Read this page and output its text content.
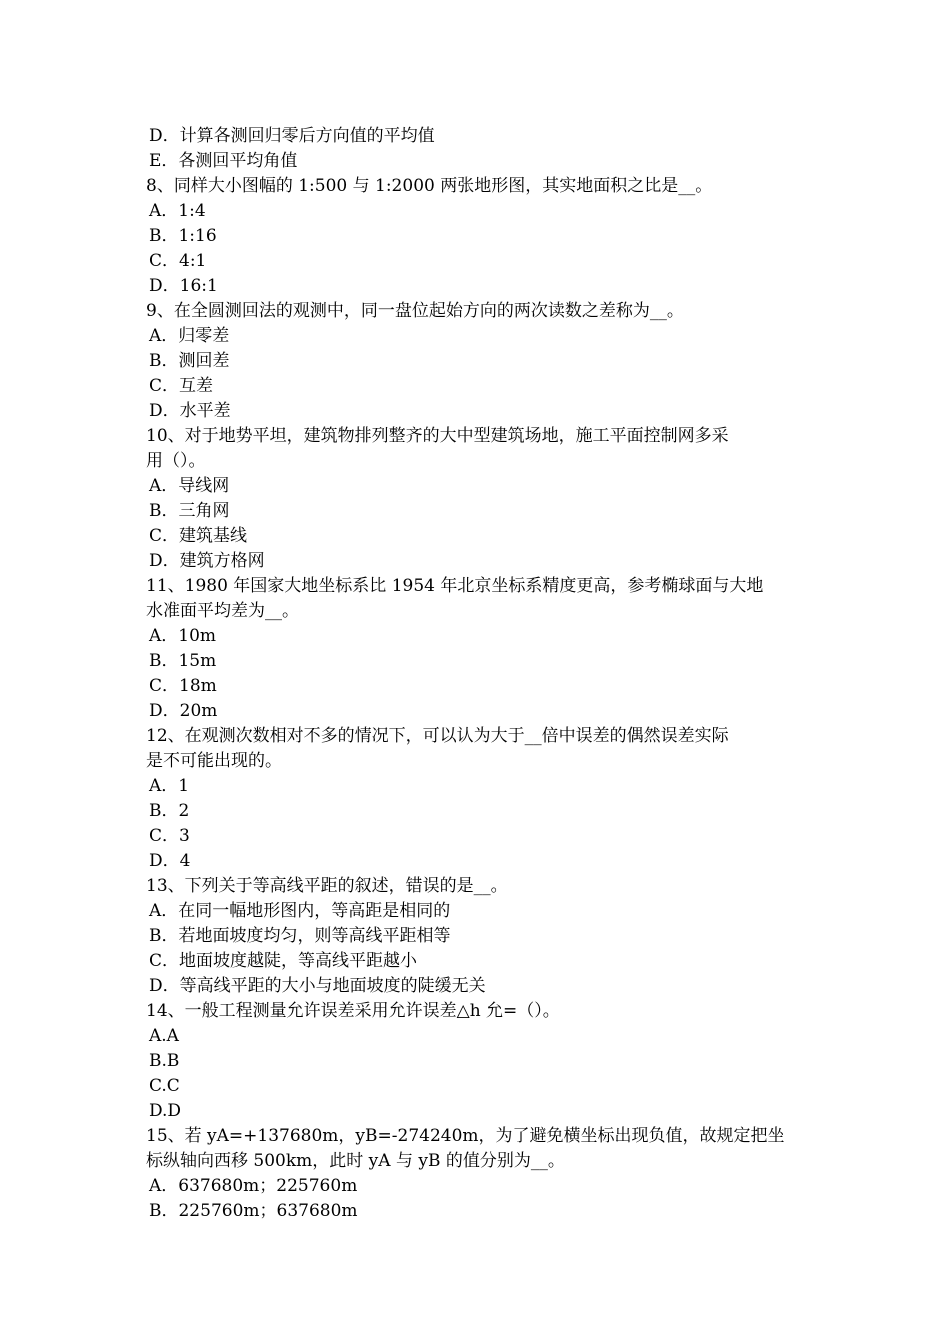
D．计算各测回归零后方向值的平均值
E．各测回平均角值
8、同样大小图幅的 1:500 与 1:2000 两张地形图，其实地面积之比是__。
A．1:4
B．1:16
C．4:1
D．16:1
9、在全圆测回法的观测中，同一盘位起始方向的两次读数之差称为__。
A．归零差
B．测回差
C．互差
D．水平差
10、对于地势平坦，建筑物排列整齐的大中型建筑场地，施工平面控制网多采
用（）。
A．导线网
B．三角网
C．建筑基线
D．建筑方格网
11、1980 年国家大地坐标系比 1954 年北京坐标系精度更高，参考椭球面与大地
水准面平均差为__。
A．10m
B．15m
C．18m
D．20m
12、在观测次数相对不多的情况下，可以认为大于__倍中误差的偶然误差实际
是不可能出现的。
A．1
B．2
C．3
D．4
13、下列关于等高线平距的叙述，错误的是__。
A．在同一幅地形图内，等高距是相同的
B．若地面坡度均匀，则等高线平距相等
C．地面坡度越陡，等高线平距越小
D．等高线平距的大小与地面坡度的陡缓无关
14、一般工程测量允许误差采用允许误差△h 允=（）。
A.A
B.B
C.C
D.D
15、若 yA=+137680m，yB=-274240m，为了避免横坐标出现负值，故规定把坐
标纵轴向西移 500km，此时 yA 与 yB 的值分别为__。
A．637680m；225760m
B．225760m；637680m
